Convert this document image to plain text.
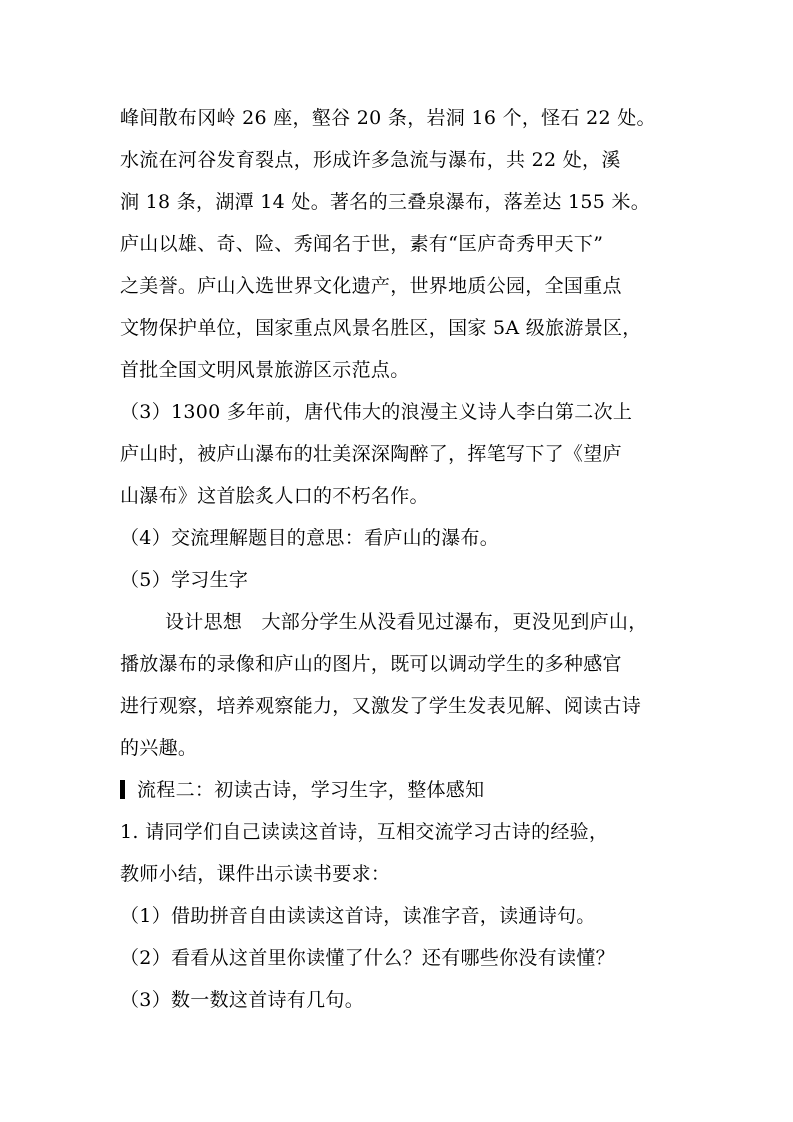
峰间散布冈岭 26 座，壑谷 20 条，岩洞 16 个，怪石 22 处。
水流在河谷发育裂点，形成许多急流与瀑布，共 22 处，溪
涧 18 条，湖潭 14 处。著名的三叠泉瀑布，落差达 155 米。
庐山以雄、奇、险、秀闻名于世，素有“匡庐奇秀甲天下”
之美誉。庐山入选世界文化遗产，世界地质公园，全国重点
文物保护单位，国家重点风景名胜区，国家 5A 级旅游景区，
首批全国文明风景旅游区示范点。
（3）1300 多年前，唐代伟大的浪漫主义诗人李白第二次上
庐山时，被庐山瀑布的壮美深深陶醉了，挥笔写下了《望庐
山瀑布》这首脍炙人口的不朽名作。
（4）交流理解题目的意思：看庐山的瀑布。
（5）学习生字
设计思想　大部分学生从没看见过瀑布，更没见到庐山，
播放瀑布的录像和庐山的图片，既可以调动学生的多种感官
进行观察，培养观察能力，又激发了学生发表见解、阅读古诗
的兴趣。
流程二：初读古诗，学习生字，整体感知
1. 请同学们自己读读这首诗，互相交流学习古诗的经验，
教师小结，课件出示读书要求：
（1）借助拼音自由读读这首诗，读准字音，读通诗句。
（2）看看从这首里你读懂了什么？还有哪些你没有读懂？
（3）数一数这首诗有几句。
